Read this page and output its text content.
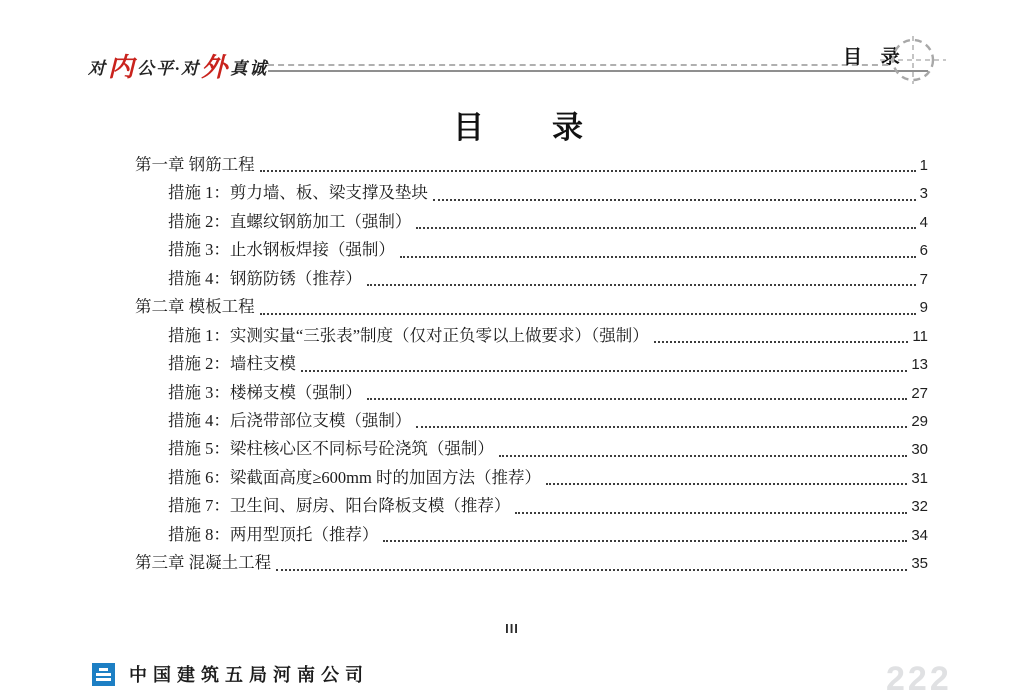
对 内 公平 · 对 外 真诚	目 录
目　　录
第一章 钢筋工程	1
措施 1：剪力墙、板、梁支撑及垫块	3
措施 2：直螺纹钢筋加工（强制）	4
措施 3：止水钢板焊接（强制）	6
措施 4：钢筋防锈（推荐）	7
第二章 模板工程	9
措施 1：实测实量“三张表”制度（仅对正负零以上做要求）（强制）	11
措施 2：墙柱支模	13
措施 3：楼梯支模（强制）	27
措施 4：后浇带部位支模（强制）	29
措施 5：梁柱核心区不同标号砼浇筑（强制）	30
措施 6：梁截面高度≥600mm 时的加固方法（推荐）	31
措施 7：卫生间、厨房、阳台降板支模（推荐）	32
措施 8：两用型顶托（推荐）	34
第三章 混凝土工程	35
III
中国建筑五局河南公司	222
